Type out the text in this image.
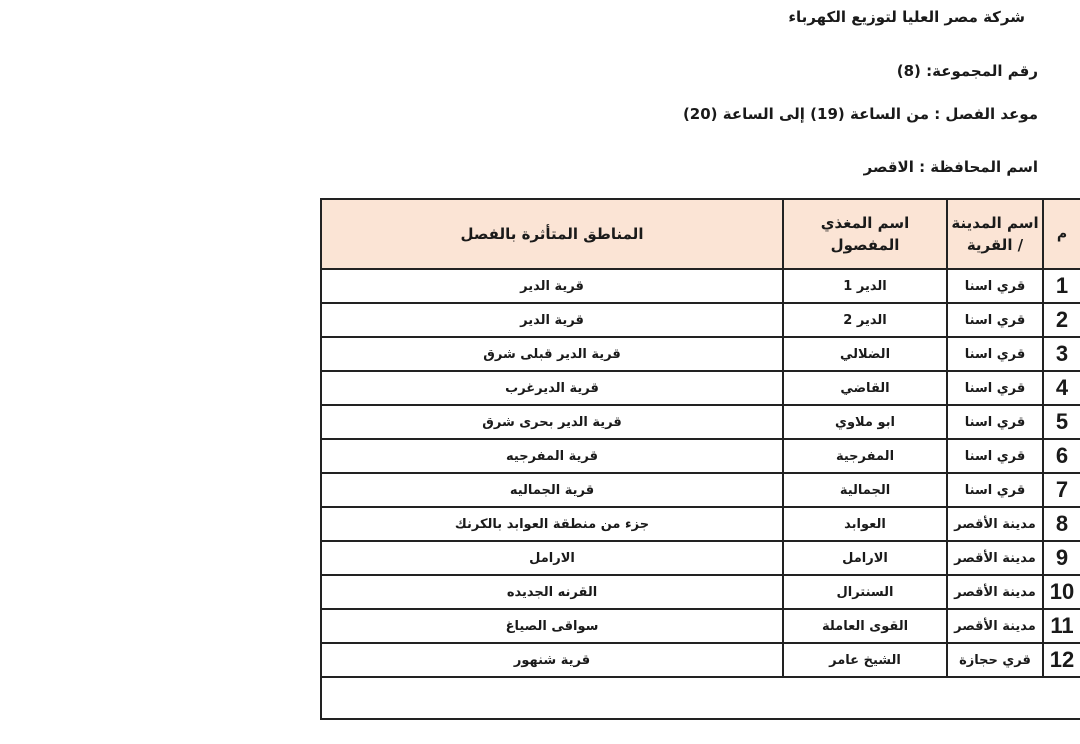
شركة مصر العليا لتوزيع الكهرباء
رقم المجموعة: (8)
موعد الفصل : من الساعة (19) إلى الساعة (20)
اسم المحافظة : الاقصر
م	اسم المدينة / القرية	اسم المغذي المفصول	المناطق المتأثرة بالفصل
1	قري اسنا	الدير 1	قرية الدير
2	قري اسنا	الدير 2	قرية الدير
3	قري اسنا	الضلالي	قرية الدير قبلى شرق
4	قري اسنا	القاضي	قرية الديرغرب
5	قري اسنا	ابو ملاوي	قرية الدير بحرى شرق
6	قري اسنا	المفرجية	قرية المفرجيه
7	قري اسنا	الجمالية	قرية الجماليه
8	مدينة الأقصر	العوابد	جزء من منطقة العوابد بالكرنك
9	مدينة الأقصر	الارامل	الارامل
10	مدينة الأقصر	السنترال	القرنه الجديده
11	مدينة الأقصر	القوى العاملة	سواقى الصياغ
12	قري حجازة	الشيخ عامر	قرية شنهور
